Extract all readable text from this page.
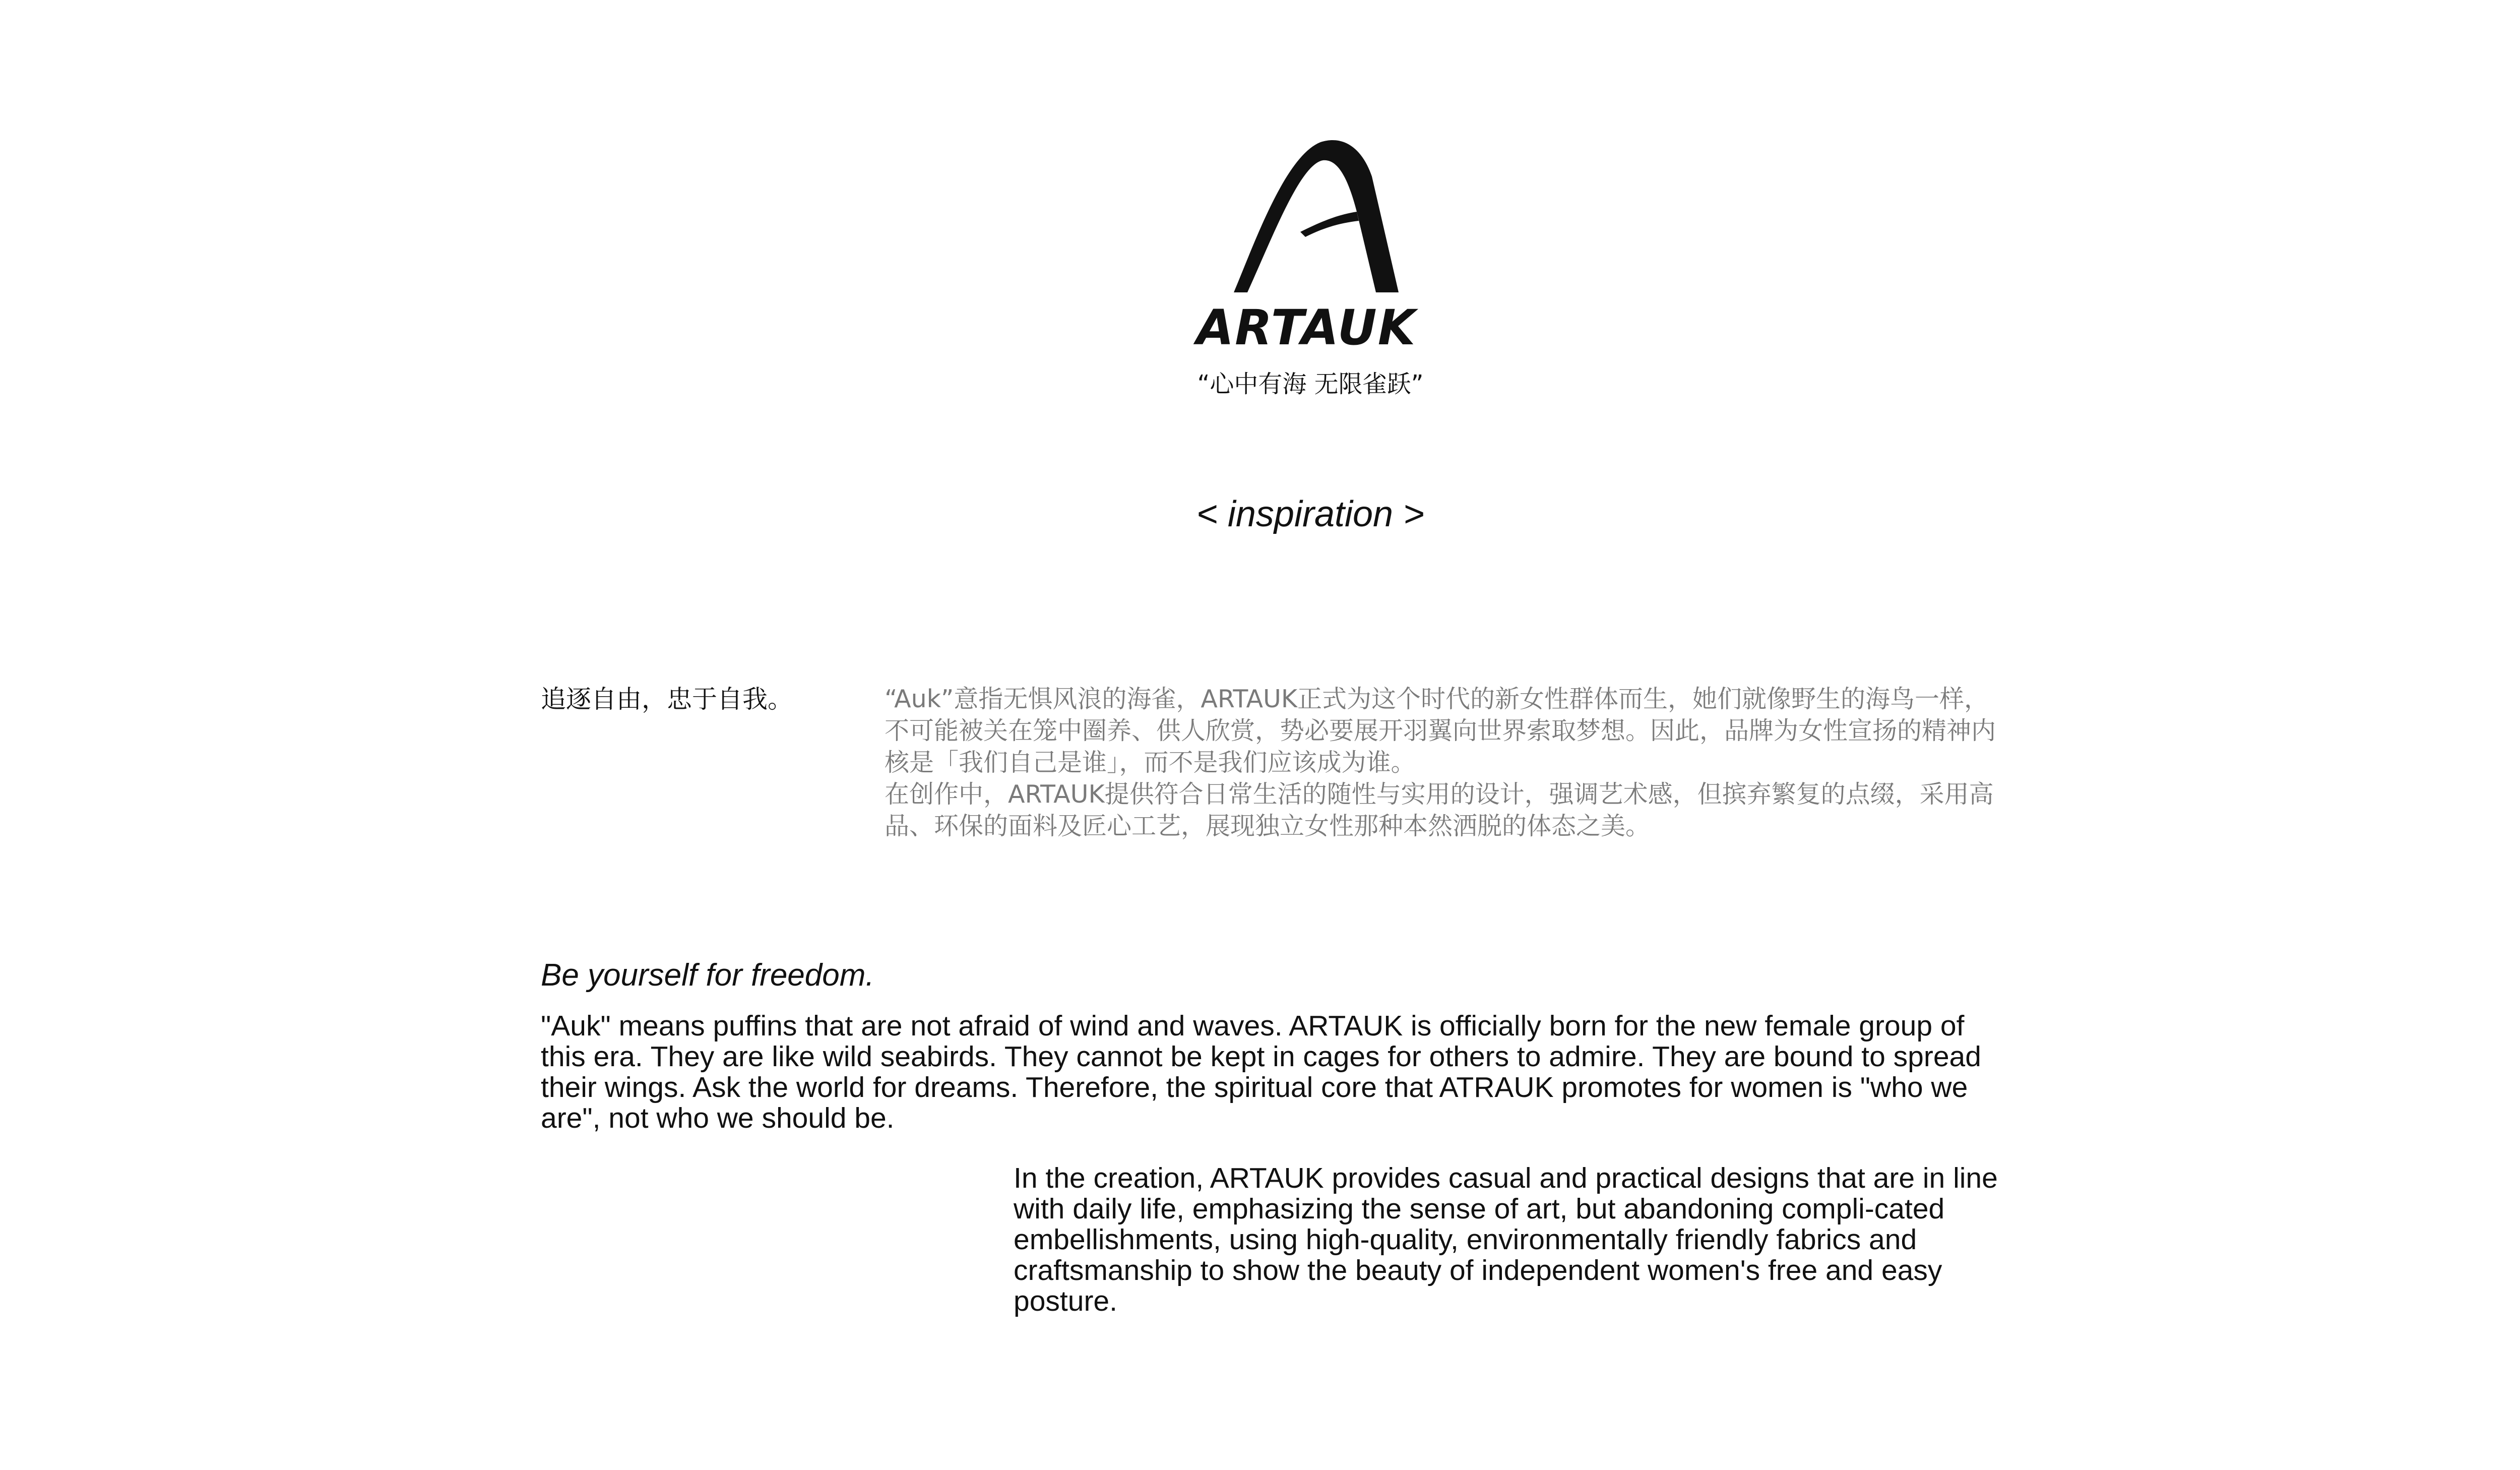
ARTAUK
“心中有海 无限雀跃”
< inspiration >
追逐自由，忠于自我。	“Auk”意指无惧风浪的海雀，ARTAUK正式为这个时代的新女性群体而生，她们就像野生的海鸟一样，不可能被关在笼中圈养、供人欣赏，势必要展开羽翼向世界索取梦想。因此，品牌为女性宣扬的精神内核是「我们自己是谁」，而不是我们应该成为谁。

在创作中，ARTAUK提供符合日常生活的随性与实用的设计，强调艺术感，但摈弃繁复的点缀，采用高品、环保的面料及匠心工艺，展现独立女性那种本然洒脱的体态之美。

Be yourself for freedom.
"Auk" means puffins that are not afraid of wind and waves. ARTAUK is officially born for the new female group of this era. They are like wild seabirds. They cannot be kept in cages for others to admire. They are bound to spread their wings. Ask the world for dreams. Therefore, the spiritual core that ATRAUK promotes for women is "who we are", not who we should be.
In the creation, ARTAUK provides casual and practical designs that are in line with daily life, emphasizing the sense of art, but abandoning compli-cated embellishments, using high-quality, environmentally friendly fabrics and craftsmanship to show the beauty of independent women's free and easy posture.
